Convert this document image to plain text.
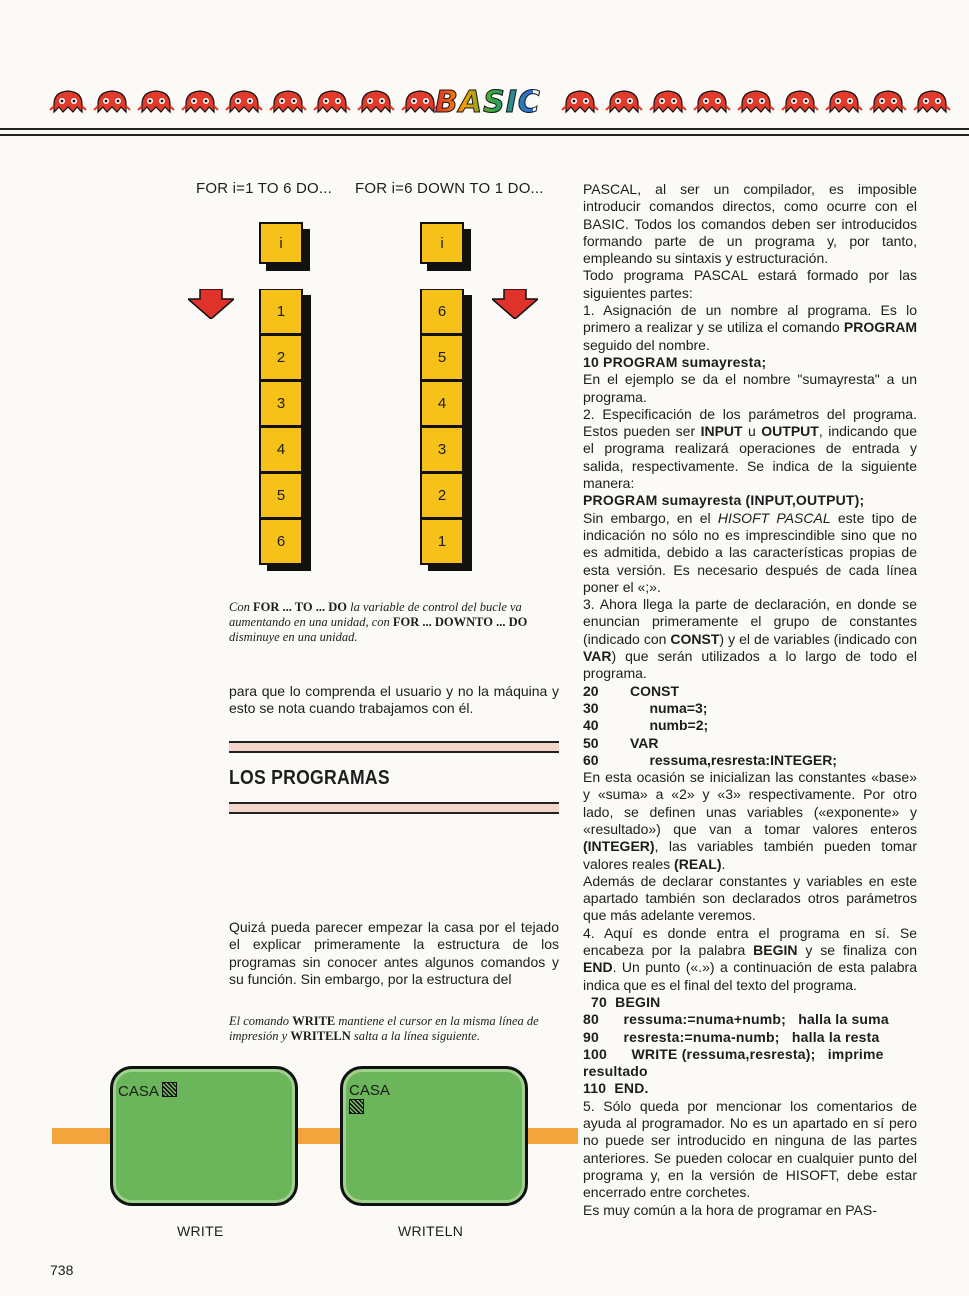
BASIC
FOR i=1 TO 6 DO... FOR i=6 DOWN TO 1 DO...
i	i
1
2
3
4
5
6
6
5
4
3
2
1
Con FOR ... TO ... DO la variable de control del bucle va aumentando en una unidad, con FOR ... DOWNTO ... DO disminuye en una unidad.
para que lo comprenda el usuario y no la máquina y esto se nota cuando trabajamos con él.
LOS PROGRAMAS
Quizá pueda parecer empezar la casa por el tejado el explicar primeramente la estructura de los programas sin conocer antes algunos comandos y su función. Sin embargo, por la estructura del
El comando WRITE mantiene el cursor en la misma línea de impresión y WRITELN salta a la línea siguiente.
CASA	CASA

WRITE	WRITELN
738

PASCAL, al ser un compilador, es imposible introducir comandos directos, como ocurre con el BASIC. Todos los comandos deben ser introducidos formando parte de un programa y, por tanto, empleando su sintaxis y estructuración.

Todo programa PASCAL estará formado por las siguientes partes:

1. Asignación de un nombre al programa. Es lo primero a realizar y se utiliza el comando PROGRAM seguido del nombre.

10 PROGRAM sumayresta;

En el ejemplo se da el nombre "sumayresta" a un programa.

2. Especificación de los parámetros del programa. Estos pueden ser INPUT u OUTPUT, indicando que el programa realizará operaciones de entrada y salida, respectivamente. Se indica de la siguiente manera:

PROGRAM sumayresta (INPUT,OUTPUT);

Sin embargo, en el HISOFT PASCAL este tipo de indicación no sólo no es imprescindible sino que no es admitida, debido a las características propias de esta versión. Es necesario después de cada línea poner el «;».

3. Ahora llega la parte de declaración, en donde se enuncian primeramente el grupo de constantes (indicado con CONST) y el de variables (indicado con VAR) que serán utilizados a lo largo de todo el programa.

20	CONST
30	numa=3;
40	numb=2;
50	VAR
60	ressuma,resresta:INTEGER;

En esta ocasión se inicializan las constantes «base» y «suma» a «2» y «3» respectivamente. Por otro lado, se definen unas variables («exponente» y «resultado») que van a tomar valores enteros (INTEGER), las variables también pueden tomar valores reales (REAL).

Además de declarar constantes y variables en este apartado también son declarados otros parámetros que más adelante veremos.

4. Aquí es donde entra el programa en sí. Se encabeza por la palabra BEGIN y se finaliza con END. Un punto («.») a continuación de esta palabra indica que es el final del texto del programa.

70  BEGIN

80      ressuma:=numa+numb;   halla la suma

90      resresta:=numa-numb;   halla la resta

100      WRITE (ressuma,resresta);   imprime resultado

110  END.

5. Sólo queda por mencionar los comentarios de ayuda al programador. No es un apartado en sí pero no puede ser introducido en ninguna de las partes anteriores. Se pueden colocar en cualquier punto del programa y, en la versión de HISOFT, debe estar encerrado entre corchetes.

Es muy común a la hora de programar en PAS-
